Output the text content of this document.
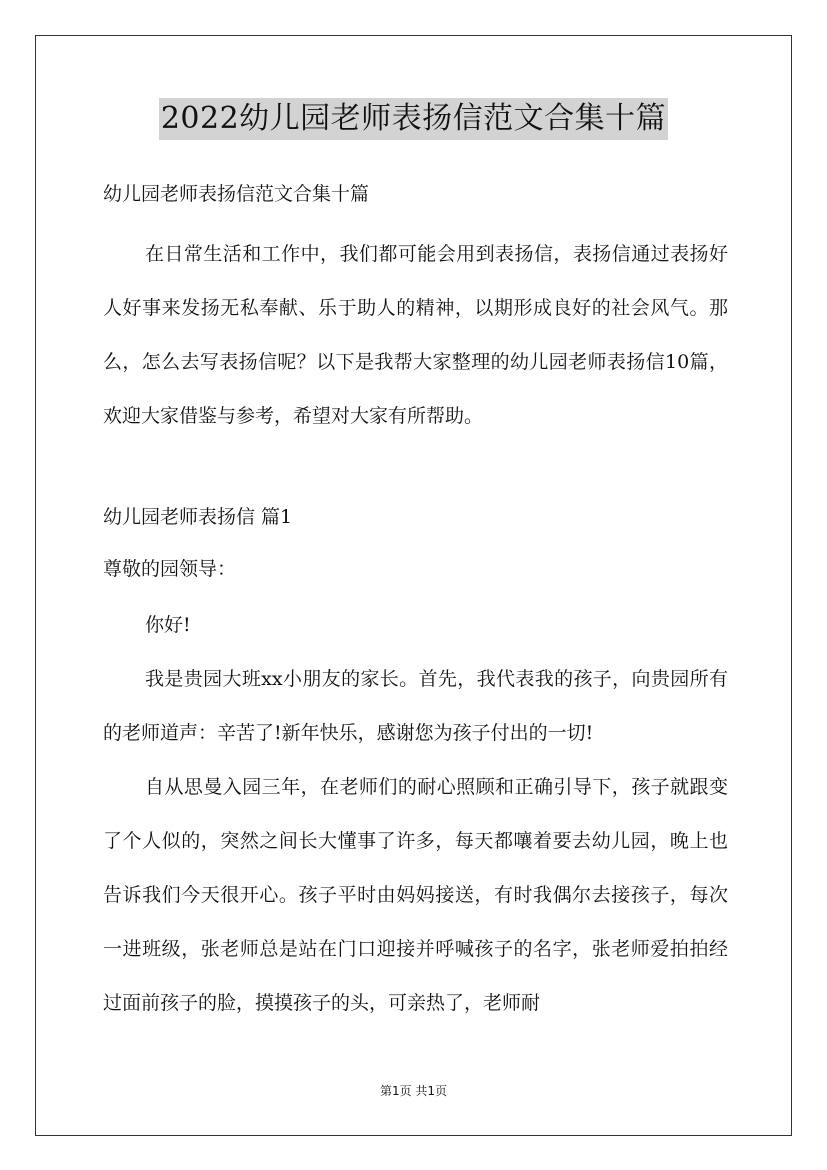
2022幼儿园老师表扬信范文合集十篇

幼儿园老师表扬信范文合集十篇

在日常生活和工作中，我们都可能会用到表扬信，表扬信通过表扬好人好事来发扬无私奉献、乐于助人的精神，以期形成良好的社会风气。那么，怎么去写表扬信呢？以下是我帮大家整理的幼儿园老师表扬信10篇，欢迎大家借鉴与参考，希望对大家有所帮助。

幼儿园老师表扬信 篇1

尊敬的园领导：

你好!

我是贵园大班xx小朋友的家长。首先，我代表我的孩子，向贵园所有的老师道声：辛苦了!新年快乐，感谢您为孩子付出的一切!

自从思曼入园三年，在老师们的耐心照顾和正确引导下，孩子就跟变了个人似的，突然之间长大懂事了许多，每天都嚷着要去幼儿园，晚上也告诉我们今天很开心。孩子平时由妈妈接送，有时我偶尔去接孩子，每次一进班级，张老师总是站在门口迎接并呼喊孩子的名字，张老师爱拍拍经过面前孩子的脸，摸摸孩子的头，可亲热了，老师耐

第1页 共1页
